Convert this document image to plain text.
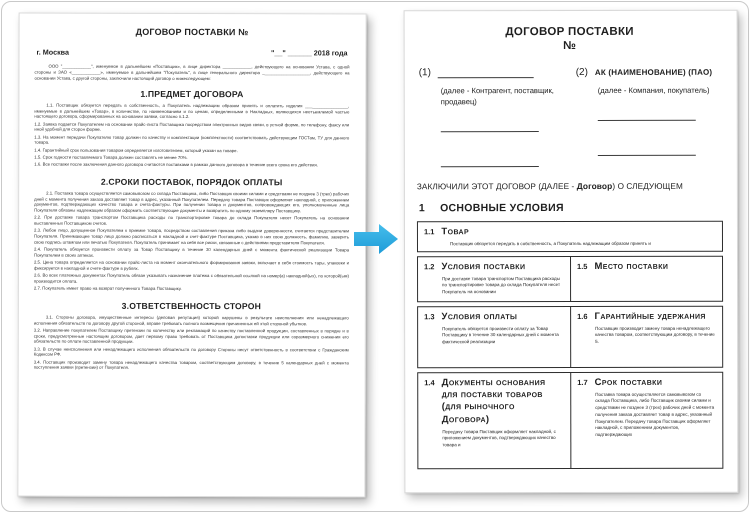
ДОГОВОР ПОСТАВКИ №
г. Москва	"__" ______ 2018 года
ООО "____________", именуемое в дальнейшем «Поставщик», в лице директора ____________, действующего на основании Устава, с одной стороны и ЗАО «____________», именуемое в дальнейшем "Покупатель", в лице генерального директора ____________________, действующего на основании Устава, с другой стороны, заключили настоящий договор о нижеследующем:
1.ПРЕДМЕТ ДОГОВОРА
1.1. Поставщик обязуется передать в собственность, а Покупатель надлежащим образом принять и оплатить изделия __________________, именуемые в дальнейшем «Товар», в количестве, по наименованиям и по ценам, определенными в Накладных, являющихся неотъемлемой частью настоящего договора, сформированных на основании заявки, согласно п.1.2.
1.2. Заявка подается Покупателем на основании прайс-листа Поставщика посредством электронных видов связи, в устной форме, по телефону, факсу или иной удобной для сторон форме.
1.3. На момент передачи Покупателю товар должен по качеству и комплектации (комплектности) соответствовать действующим ГОСТам, ТУ для данного товара.
1.4. Гарантийный срок пользования товаром определяется изготовителем, который указан на товаре.
1.5. Срок годности поставляемого Товара должен составлять не менее 70%.
1.6. Все поставки после заключения данного договора считаются поставками в рамках данного договора в течение всего срока его действия.
2.СРОКИ ПОСТАВОК, ПОРЯДОК ОПЛАТЫ
2.1. Поставка товара осуществляется самовывозом со склада Поставщика, либо Поставщик своими силами и средствами не позднее 3 (трех) рабочих дней с момента получения заказа доставляет товар в адрес, указанный Покупателем. Передачу товара Поставщик оформляет накладной, с приложением документов, подтверждающих качество товара и счета-фактуры. При получении товара и документов, сопровождающих его, уполномоченные лица Покупателя обязаны надлежащим образом оформить соответствующие документы и возвратить по одному экземпляру Поставщику.
2.2. При доставке товара транспортом Поставщика расходы по транспортировке товара до склада Покупателя несет Покупатель на основании выставленных Поставщиком счетов.
2.3. Любое лицо, допущенное Покупателем к приемке товара, посредством составления приказа либо выдачи доверенности, считается представителем Покупателя. Принимающее товар лицо должно расписаться в накладной и счет-фактуре Поставщика, указав в них свою должность, фамилию, заверить свою подпись штампом или печатью Покупателя. Покупатель принимает на себя все риски, связанные с действиями представителя Покупателя.
2.4. Покупатель обязуется произвести оплату за Товар Поставщику в течение 30 календарных дней с момента фактической реализации Товара Покупателем в своих аптеках.
2.5. Цена товара определяется на основании прайс-листа на момент окончательного формирования заявки, включает в себя стоимость тары, упаковки и фиксируется в накладной и счете-фактуре в рублях.
2.6. Во всех платежных документах Покупатель обязан указывать назначение платежа с обязательной ссылкой на номер(а) накладной(ых), по которой(ым) производится оплата.
2.7. Покупатель имеет право на возврат полученного Товара Поставщику.
3.ОТВЕТСТВЕННОСТЬ СТОРОН
3.1. Стороны договора, имущественные интересы (деловая репутация) которой нарушены в результате неисполнения или ненадлежащего исполнения обязательств по договору другой стороной, вправе требовать полного возмещения причиненных ей этой стороной убытков.
3.2. Направление покупателем Поставщику претензии по количеству или рекламаций по качеству поставленной продукции, составленных в порядке и в сроки, предусмотренные настоящим договором, дает первому право требовать от Поставщика допоставки продукции или соразмерного снижения его обязательств по оплате поставленной продукции.
3.3. В случае неисполнения или ненадлежащего исполнения обязательств по договору Стороны несут ответственность в соответствии с Гражданским Кодексом РФ.
3.4. Поставщик производит замену товара ненадлежащего качества товаром, соответствующим договору, в течение 5 календарных дней с момента поступления заявки (претензии) от Покупателя.
ДОГОВОР ПОСТАВКИ
№
(1)
(далее - Контрагент, поставщик, продавец)
(2) АК (НАИМЕНОВАНИЕ) (ПАО)
(далее - Компания, покупатель)
ЗАКЛЮЧИЛИ ЭТОТ ДОГОВОР (ДАЛЕЕ - Договор) О СЛЕДУЮЩЕМ
1 ОСНОВНЫЕ УСЛОВИЯ
1.1 Товар
Поставщик обязуется передать в собственность, а Покупатель надлежащим образом принять и
1.2 Условия поставки
При доставке товара транспортом Поставщика расходы по транспортировке товара до склада Покупателя несет Покупатель на основании
1.5 Место поставки
1.3 Условия оплаты
Покупатель обязуется произвести оплату за Товар Поставщику в течение 30 календарных дней с момента фактической реализации
1.6 Гарантийные удержания
Поставщик производит замену товара ненадлежащего качества товаром, соответствующим договору, в течение 5.
1.4 Документы основания для поставки товаров (для рыночного Договора)
Передачу товара Поставщик оформляет накладной, с приложением документов, подтверждающих качество товара и
1.7 Срок поставки
Поставка товара осуществляется самовывозом со склада Поставщика, либо Поставщик своими силами и средствами не позднее 3 (трех) рабочих дней с момента получения заказа доставляет товар в адрес, указанный Покупателем. Передачу товара Поставщик оформляет накладной, с приложением документов, подтверждающих
